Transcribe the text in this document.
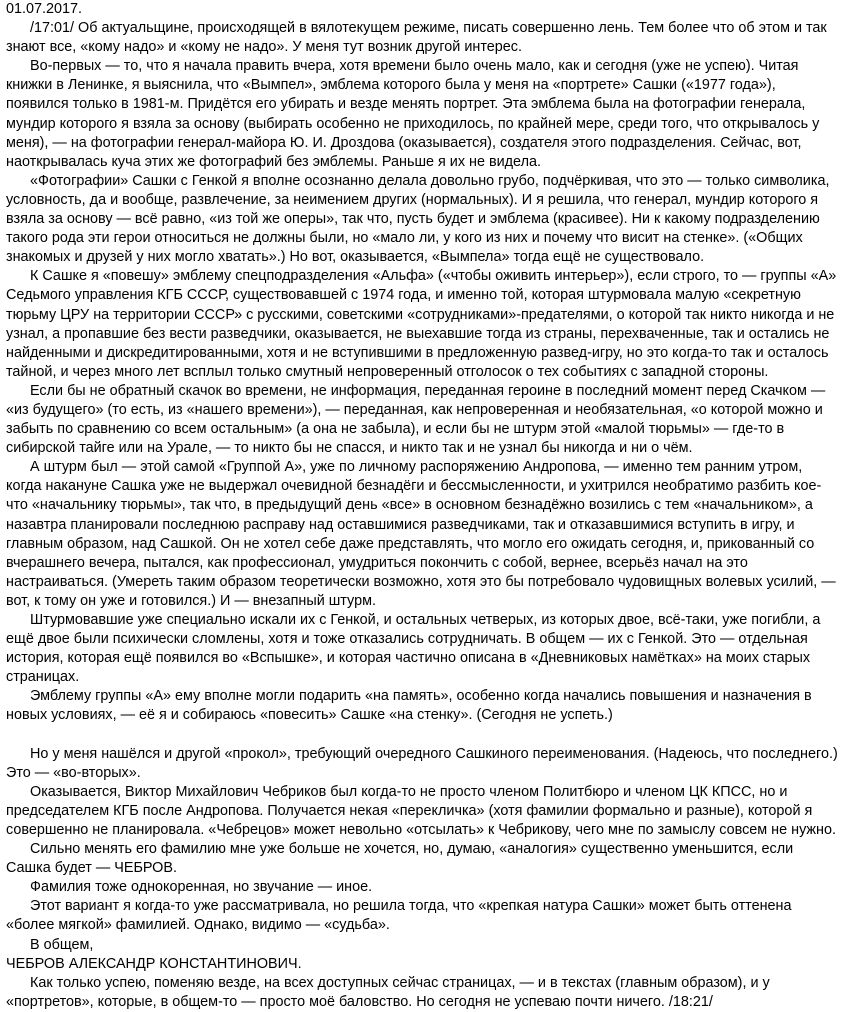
01.07.2017.

/17:01/ Об актуальщине, происходящей в вялотекущем режиме, писать совершенно лень. Тем более что об этом и так знают все, «кому надо» и «кому не надо». У меня тут возник другой интерес.

Во-первых — то, что я начала править вчера, хотя времени было очень мало, как и сегодня (уже не успею). Читая книжки в Ленинке, я выяснила, что «Вымпел», эмблема которого была у меня на «портрете» Сашки («1977 года»), появился только в 1981-м. Придётся его убирать и везде менять портрет. Эта эмблема была на фотографии генерала, мундир которого я взяла за основу (выбирать особенно не приходилось, по крайней мере, среди того, что открывалось у меня), — на фотографии генерал-майора Ю. И. Дроздова (оказывается), создателя этого подразделения. Сейчас, вот, наоткрывалась куча этих же фотографий без эмблемы. Раньше я их не видела.

«Фотографии» Сашки с Генкой я вполне осознанно делала довольно грубо, подчёркивая, что это — только символика, условность, да и вообще, развлечение, за неимением других (нормальных). И я решила, что генерал, мундир которого я взяла за основу — всё равно, «из той же оперы», так что, пусть будет и эмблема (красивее). Ни к какому подразделению такого рода эти герои относиться не должны были, но «мало ли, у кого из них и почему что висит на стенке». («Общих знакомых и друзей у них могло хватать».) Но вот, оказывается, «Вымпела» тогда ещё не существовало.

К Сашке я «повешу» эмблему спецподразделения «Альфа» («чтобы оживить интерьер»), если строго, то — группы «А» Седьмого управления КГБ СССР, существовавшей с 1974 года, и именно той, которая штурмовала малую «секретную тюрьму ЦРУ на территории СССР» с русскими, советскими «сотрудниками»-предателями, о которой так никто никогда и не узнал, а пропавшие без вести разведчики, оказывается, не выехавшие тогда из страны, перехваченные, так и остались не найденными и дискредитированными, хотя и не вступившими в предложенную развед-игру, но это когда-то так и осталось тайной, и через много лет всплыл только смутный непроверенный отголосок о тех событиях с западной стороны.

Если бы не обратный скачок во времени, не информация, переданная героине в последний момент перед Скачком — «из будущего» (то есть, из «нашего времени»), — переданная, как непроверенная и необязательная, «о которой можно и забыть по сравнению со всем остальным» (а она не забыла), и если бы не штурм этой «малой тюрьмы» — где-то в сибирской тайге или на Урале, — то никто бы не спасся, и никто так и не узнал бы никогда и ни о чём.

А штурм был — этой самой «Группой А», уже по личному распоряжению Андропова, — именно тем ранним утром, когда накануне Сашка уже не выдержал очевидной безнадёги и бессмысленности, и ухитрился необратимо разбить кое-что «начальнику тюрьмы», так что, в предыдущий день «все» в основном безнадёжно возились с тем «начальником», а назавтра планировали последнюю расправу над оставшимися разведчиками, так и отказавшимися вступить в игру, и главным образом, над Сашкой. Он не хотел себе даже представлять, что могло его ожидать сегодня, и, прикованный со вчерашнего вечера, пытался, как профессионал, умудриться покончить с собой, вернее, всерьёз начал на это настраиваться. (Умереть таким образом теоретически возможно, хотя это бы потребовало чудовищных волевых усилий, — вот, к тому он уже и готовился.) И — внезапный штурм.

Штурмовавшие уже специально искали их с Генкой, и остальных четверых, из которых двое, всё-таки, уже погибли, а ещё двое были психически сломлены, хотя и тоже отказались сотрудничать. В общем — их с Генкой. Это — отдельная история, которая ещё появился во «Вспышке», и которая частично описана в «Дневниковых намётках» на моих старых страницах.

Эмблему группы «А» ему вполне могли подарить «на память», особенно когда начались повышения и назначения в новых условиях, — её я и собираюсь «повесить» Сашке «на стенку». (Сегодня не успеть.)

Но у меня нашёлся и другой «прокол», требующий очередного Сашкиного переименования. (Надеюсь, что последнего.) Это — «во-вторых».

Оказывается, Виктор Михайлович Чебриков был когда-то не просто членом Политбюро и членом ЦК КПСС, но и председателем КГБ после Андропова. Получается некая «перекличка» (хотя фамилии формально и разные), которой я совершенно не планировала. «Чебрецов» может невольно «отсылать» к Чебрикову, чего мне по замыслу совсем не нужно.

Сильно менять его фамилию мне уже больше не хочется, но, думаю, «аналогия» существенно уменьшится, если Сашка будет — ЧЕБРОВ.

Фамилия тоже однокоренная, но звучание — иное.

Этот вариант я когда-то уже рассматривала, но решила тогда, что «крепкая натура Сашки» может быть оттенена «более мягкой» фамилией. Однако, видимо — «судьба».

В общем,

ЧЕБРОВ АЛЕКСАНДР КОНСТАНТИНОВИЧ.

Как только успею, поменяю везде, на всех доступных сейчас страницах, — и в текстах (главным образом), и у «портретов», которые, в общем-то — просто моё баловство. Но сегодня не успеваю почти ничего. /18:21/
